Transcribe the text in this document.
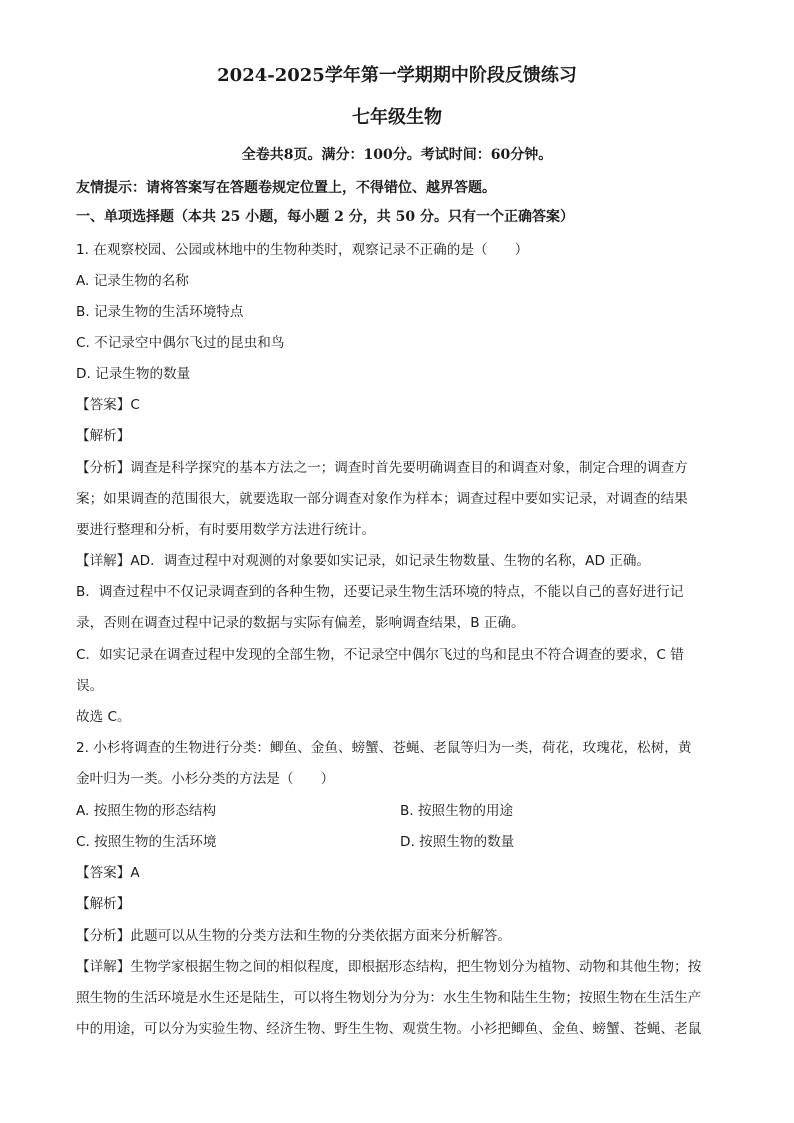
2024-2025学年第一学期期中阶段反馈练习
七年级生物
全卷共8页。满分：100分。考试时间：60分钟。
友情提示：请将答案写在答题卷规定位置上，不得错位、越界答题。
一、单项选择题（本共 25 小题，每小题 2 分，共 50 分。只有一个正确答案）
1. 在观察校园、公园或林地中的生物种类时，观察记录不正确的是（　　）
A. 记录生物的名称
B. 记录生物的生活环境特点
C. 不记录空中偶尔飞过的昆虫和鸟
D. 记录生物的数量
【答案】C
【解析】
【分析】调查是科学探究的基本方法之一；调查时首先要明确调查目的和调查对象，制定合理的调查方
案；如果调查的范围很大，就要选取一部分调查对象作为样本；调查过程中要如实记录，对调查的结果
要进行整理和分析，有时要用数学方法进行统计。
【详解】AD．调查过程中对观测的对象要如实记录，如记录生物数量、生物的名称，AD 正确。
B．调查过程中不仅记录调查到的各种生物，还要记录生物生活环境的特点，不能以自己的喜好进行记
录，否则在调查过程中记录的数据与实际有偏差，影响调查结果，B 正确。
C．如实记录在调查过程中发现的全部生物，不记录空中偶尔飞过的鸟和昆虫不符合调查的要求，C 错
误。
故选 C。
2. 小杉将调查的生物进行分类：鲫鱼、金鱼、螃蟹、苍蝇、老鼠等归为一类，荷花，玫瑰花，松树，黄
金叶归为一类。小杉分类的方法是（　　）
A. 按照生物的形态结构	B. 按照生物的用途
C. 按照生物的生活环境	D. 按照生物的数量
【答案】A
【解析】
【分析】此题可以从生物的分类方法和生物的分类依据方面来分析解答。
【详解】生物学家根据生物之间的相似程度，即根据形态结构，把生物划分为植物、动物和其他生物；按
照生物的生活环境是水生还是陆生，可以将生物划分为分为：水生生物和陆生生物；按照生物在生活生产
中的用途，可以分为实验生物、经济生物、野生生物、观赏生物。小衫把鲫鱼、金鱼、螃蟹、苍蝇、老鼠
